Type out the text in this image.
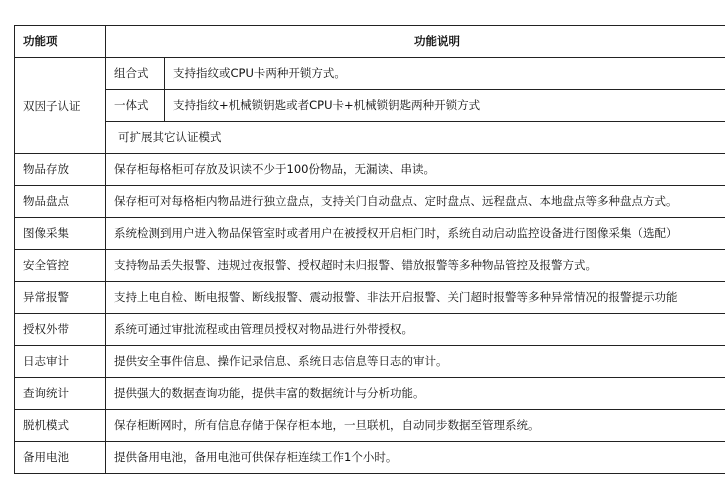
功能项	功能说明	
双因子认证	组合式	支持指纹或CPU卡两种开锁方式。
	一体式	支持指纹+机械锁钥匙或者CPU卡+机械锁钥匙两种开锁方式
	可扩展其它认证模式	
物品存放	保存柜每格柜可存放及识读不少于100份物品，无漏读、串读。	
物品盘点	保存柜可对每格柜内物品进行独立盘点，支持关门自动盘点、定时盘点、远程盘点、本地盘点等多种盘点方式。	
图像采集	系统检测到用户进入物品保管室时或者用户在被授权开启柜门时，系统自动启动监控设备进行图像采集（选配）	
安全管控	支持物品丢失报警、违规过夜报警、授权超时未归报警、错放报警等多种物品管控及报警方式。	
异常报警	支持上电自检、断电报警、断线报警、震动报警、非法开启报警、关门超时报警等多种异常情况的报警提示功能	
授权外带	系统可通过审批流程或由管理员授权对物品进行外带授权。	
日志审计	提供安全事件信息、操作记录信息、系统日志信息等日志的审计。	
查询统计	提供强大的数据查询功能，提供丰富的数据统计与分析功能。	
脱机模式	保存柜断网时，所有信息存储于保存柜本地，一旦联机，自动同步数据至管理系统。	
备用电池	提供备用电池，备用电池可供保存柜连续工作1个小时。	
